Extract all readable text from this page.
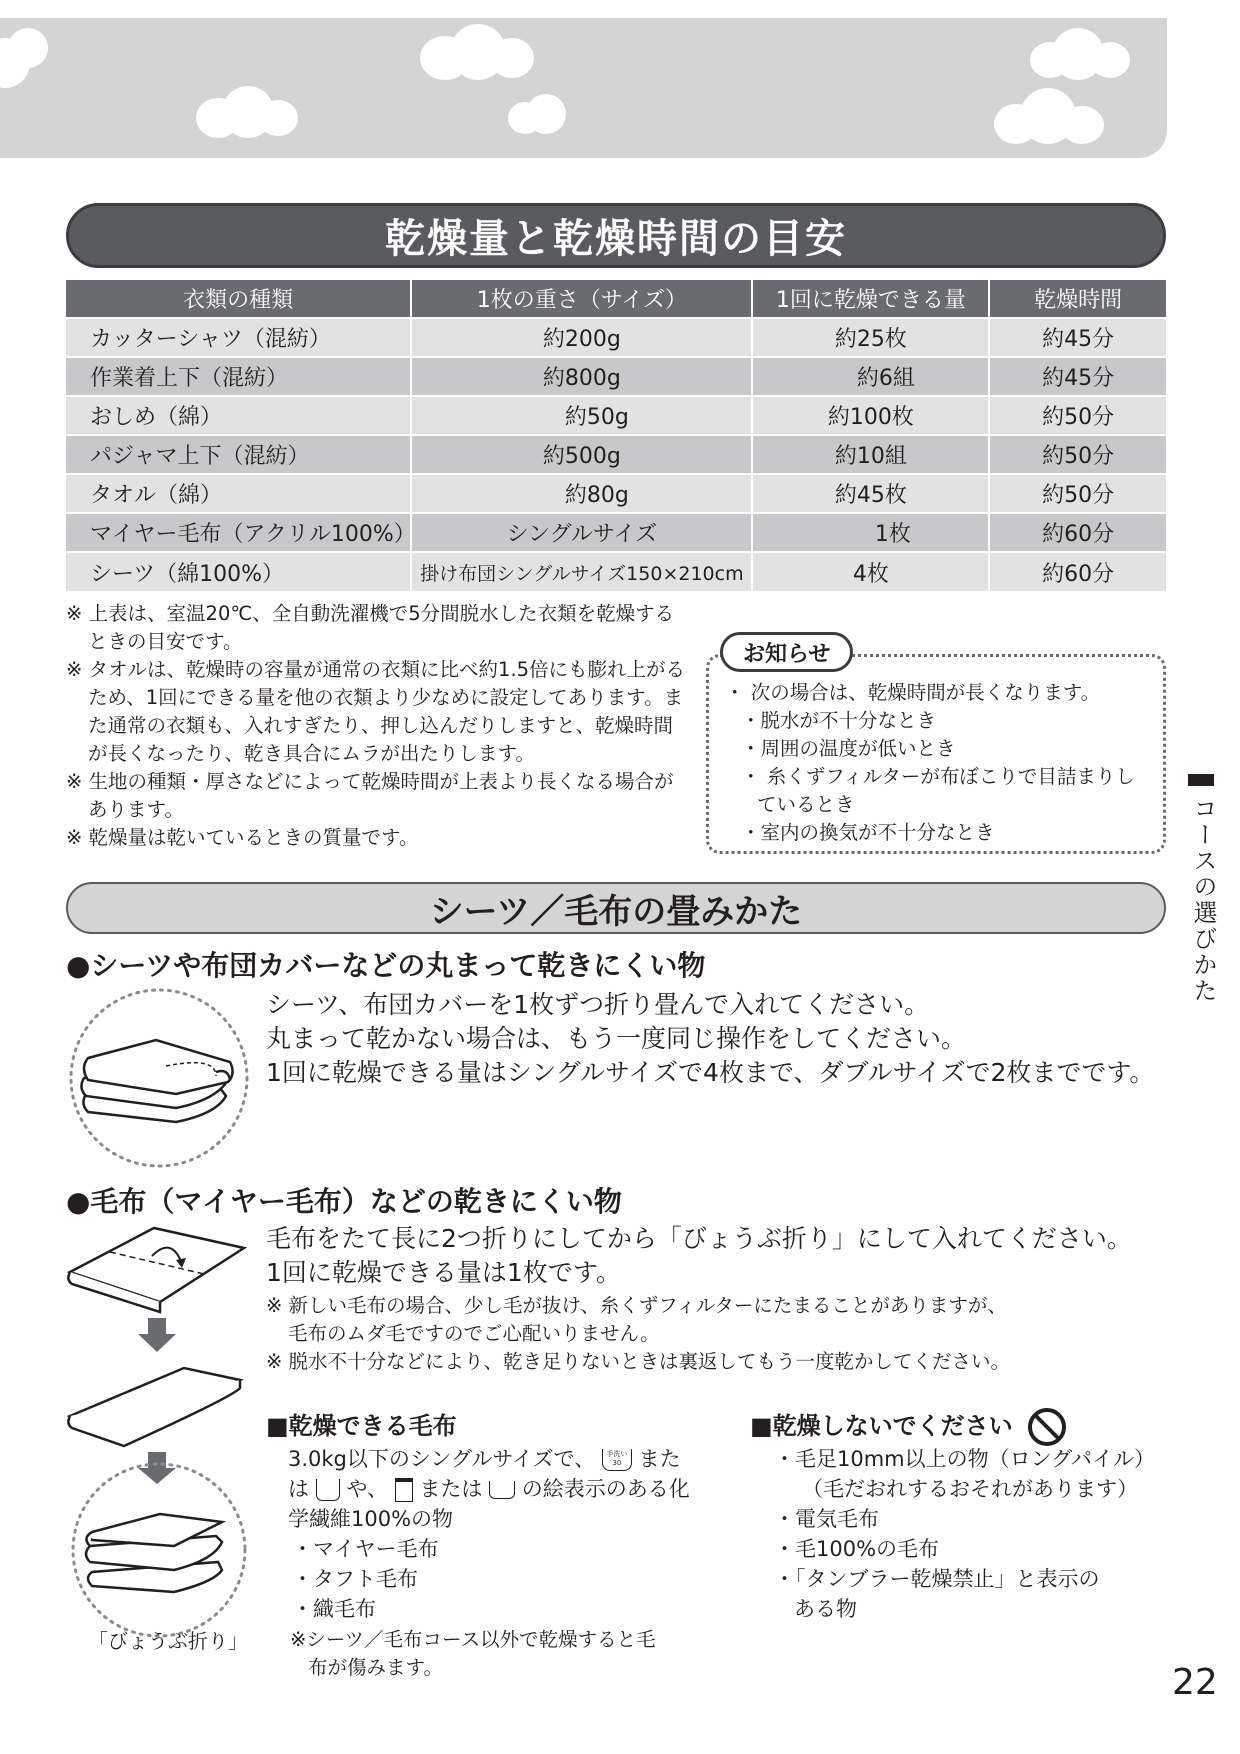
乾燥量と乾燥時間の目安
衣類の種類	1枚の重さ（サイズ）	1回に乾燥できる量	乾燥時間
カッターシャツ（混紡）	約200g	約25枚	約45分
作業着上下（混紡）	約800g	約6組	約45分
おしめ（綿）	約50g	約100枚	約50分
パジャマ上下（混紡）	約500g	約10組	約50分
タオル（綿）	約80g	約45枚	約50分
マイヤー毛布（アクリル100%）	シングルサイズ	1枚	約60分
シーツ（綿100%）	掛け布団シングルサイズ150×210cm	4枚	約60分

※ 上表は、室温20℃、全自動洗濯機で5分間脱水した衣類を乾燥するときの目安です。

※ タオルは、乾燥時の容量が通常の衣類に比べ約1.5倍にも膨れ上がるため、1回にできる量を他の衣類より少なめに設定してあります。また通常の衣類も、入れすぎたり、押し込んだりしますと、乾燥時間が長くなったり、乾き具合にムラが出たりします。

※ 生地の種類・厚さなどによって乾燥時間が上表より長くなる場合があります。

※ 乾燥量は乾いているときの質量です。

・ 次の場合は、乾燥時間が長くなります。
・脱水が不十分なとき
・周囲の温度が低いとき
・ 糸くずフィルターが布ぼこりで目詰まりしているとき
・室内の換気が不十分なとき
お知らせ
コースの選びかた
シーツ／毛布の畳みかた
●シーツや布団カバーなどの丸まって乾きにくい物
シーツ、布団カバーを1枚ずつ折り畳んで入れてください。
丸まって乾かない場合は、もう一度同じ操作をしてください。
1回に乾燥できる量はシングルサイズで4枚まで、ダブルサイズで2枚までです。
●毛布（マイヤー毛布）などの乾きにくい物
毛布をたて長に2つ折りにしてから「びょうぶ折り」にして入れてください。
1回に乾燥できる量は1枚です。

※ 新しい毛布の場合、少し毛が抜け、糸くずフィルターにたまることがありますが、毛布のムダ毛ですのでご心配いりません。

※ 脱水不十分などにより、乾き足りないときは裏返してもう一度乾かしてください。

■乾燥できる毛布
3.0kg以下のシングルサイズで、	手洗い 30 また
は や、 または の絵表示のある化
学繊維100%の物
・マイヤー毛布
・タフト毛布
・織毛布
※シーツ／毛布コース以外で乾燥すると毛布が傷みます。
■乾燥しないでください
・毛足10mm以上の物（ロングパイル）
（毛だおれするおそれがあります）
・電気毛布
・毛100%の毛布
・「タンブラー乾燥禁止」と表示の
ある物
「びょうぶ折り」
22
